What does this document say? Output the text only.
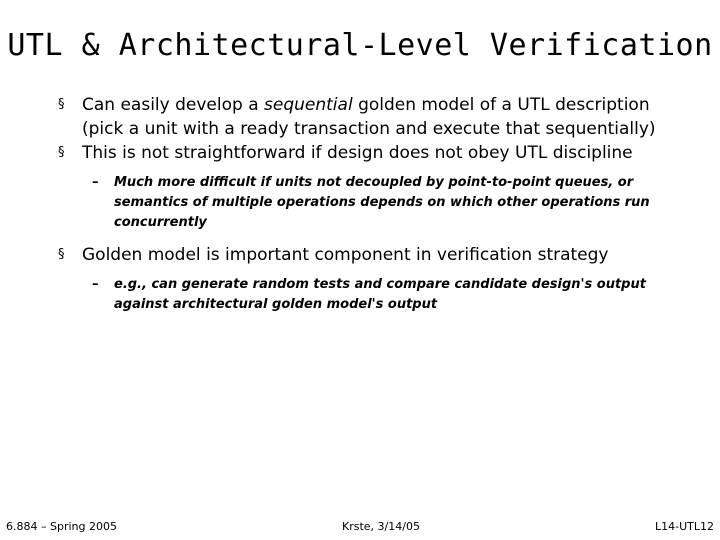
UTL & Architectural-Level Verification

§ Can easily develop a sequential golden model of a UTL description (pick a unit with a ready transaction and execute that sequentially)

§ This is not straightforward if design does not obey UTL discipline

– Much more difficult if units not decoupled by point-to-point queues, or semantics of multiple operations depends on which other operations run concurrently

§ Golden model is important component in verification strategy

– e.g., can generate random tests and compare candidate design's output against architectural golden model's output

6.884 – Spring 2005	Krste, 3/14/05	L14-UTL12
